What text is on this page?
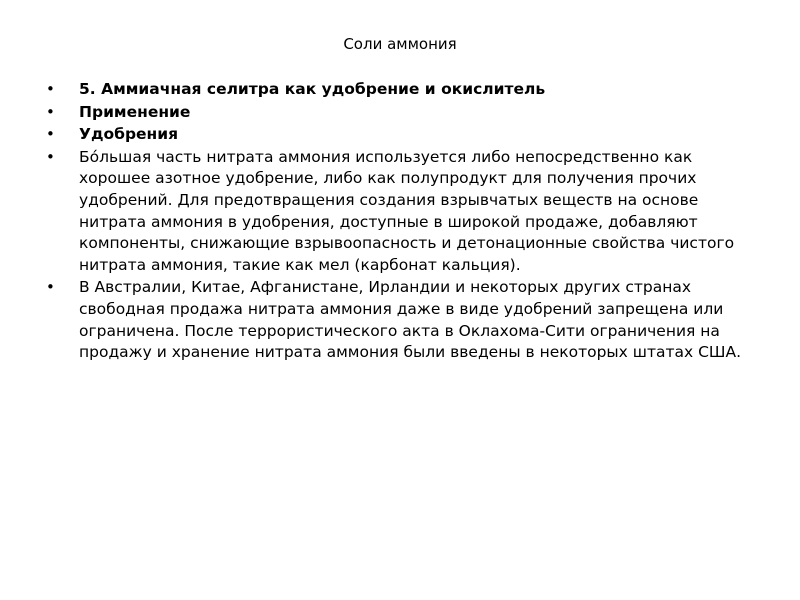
Соли аммония
• 5. Аммиачная селитра как удобрение и окислитель
• Применение
• Удобрения
• Бóльшая часть нитрата аммония используется либо непосредственно как хорошее азотное удобрение, либо как полупродукт для получения прочих удобрений. Для предотвращения создания взрывчатых веществ на основе нитрата аммония в удобрения, доступные в широкой продаже, добавляют компоненты, снижающие взрывоопасность и детонационные свойства чистого нитрата аммония, такие как мел (карбонат кальция).
• В Австралии, Китае, Афганистане, Ирландии и некоторых других странах свободная продажа нитрата аммония даже в виде удобрений запрещена или ограничена. После террористического акта в Оклахома-Сити ограничения на продажу и хранение нитрата аммония были введены в некоторых штатах США.
